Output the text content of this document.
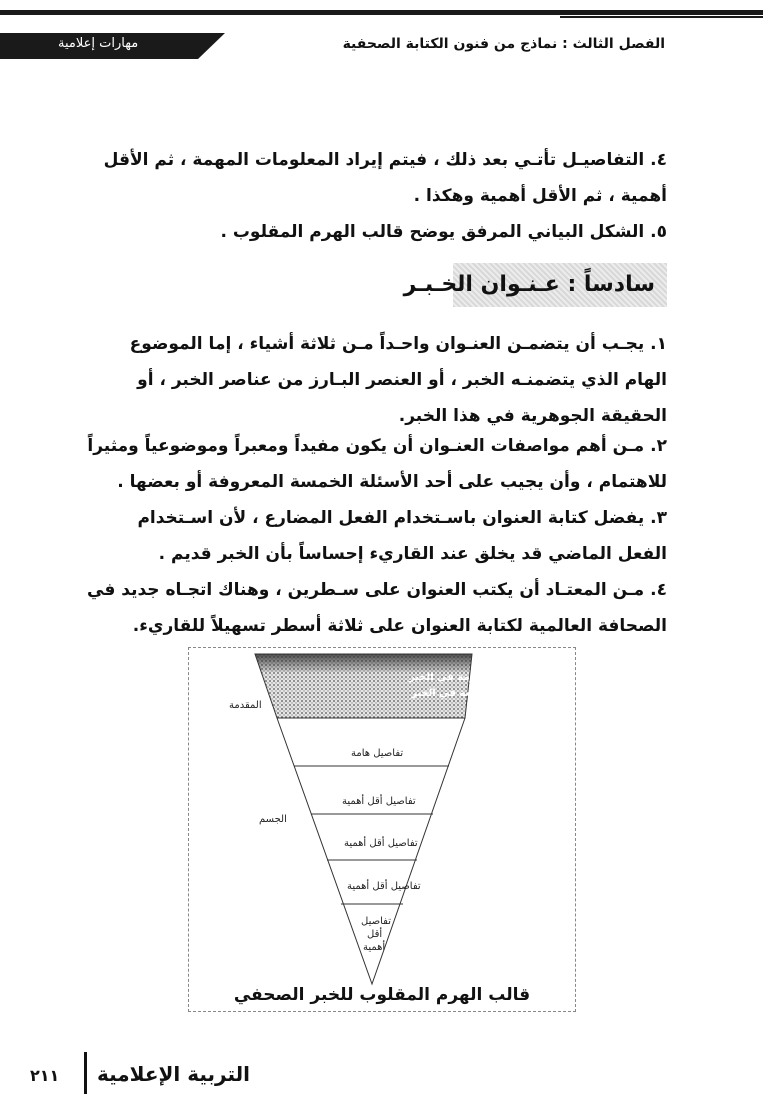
مهارات إعلامية	الفصل الثالث : نماذج من فنون الكتابة الصحفية
٤. التفاصيـل تأتـي بعد ذلك ، فيتم إيراد المعلومات المهمة ، ثم الأقل أهمية ، ثم الأقل أهمية وهكذا .
٥. الشكل البياني المرفق يوضح قالب الهرم المقلوب .
سادساً : عـنـوان الخـبـر
١. يجـب أن يتضمـن العنـوان واحـداً مـن ثلاثة أشياء ، إما الموضوع الهام الذي يتضمنـه الخبر ، أو العنصر البـارز من عناصر الخبر ، أو الحقيقة الجوهرية في هذا الخبر.
٢. مـن أهم مواصفات العنـوان أن يكون مفيداً ومعبراً وموضوعياً ومثيراً للاهتمام ، وأن يجيب على أحد الأسئلة الخمسة المعروفة أو بعضها .
٣. يفضل كتابة العنوان باسـتخدام الفعل المضارع ، لأن اسـتخدام الفعل الماضي قد يخلق عند القاريء إحساساً بأن الخبر قديم .
٤. مـن المعتـاد أن يكتب العنوان على سـطرين ، وهناك اتجـاه جديد في الصحافة العالمية لكتابة العنوان على ثلاثة أسطر تسهيلاً للقاريء.
أهم معلومة في الخبر
أبرز واقعة في الخبر
تفاصيل هامة
تفاصيل أقل أهمية
تفاصيل أقل أهمية
تفاصيل أقل أهمية
تفاصيل
أقل
أهمية
المقدمة
الجسم
قالب الهرم المقلوب للخبر الصحفي
التربية الإعلامية
٢١١
